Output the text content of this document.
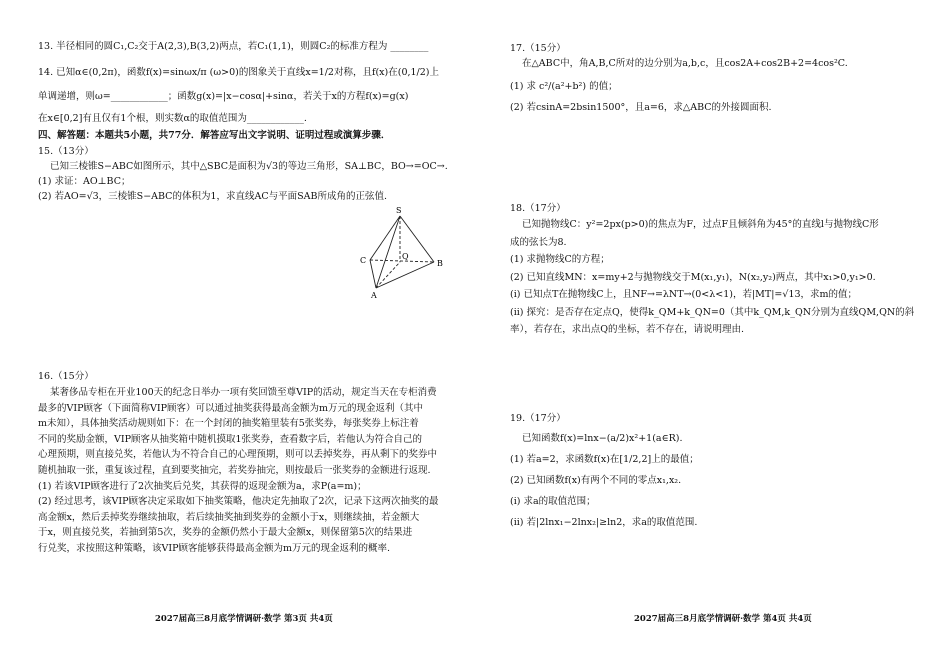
13. 半径相同的圆C₁,C₂交于A(2,3),B(3,2)两点，若C₁(1,1)，则圆C₂的标准方程为 ________
14. 已知α∈(0,2π)，函数f(x)=sinωx/π (ω>0)的图象关于直线x=1/2对称，且f(x)在(0,1/2)上
单调递增，则ω=____________；函数g(x)=|x−cosα|+sinα，若关于x的方程f(x)=g(x)
在x∈[0,2]有且仅有1个根，则实数α的取值范围为____________.
四、解答题：本题共5小题，共77分．解答应写出文字说明、证明过程或演算步骤．
15.（13分）
已知三棱锥S−ABC如图所示，其中△SBC是面积为√3的等边三角形，SA⊥BC，BO→=OC→.
(1) 求证：AO⊥BC；
(2) 若AO=√3，三棱锥S−ABC的体积为1，求直线AC与平面SAB所成角的正弦值.
S
C	Q
B
A
16.（15分）
某奢侈品专柜在开业100天的纪念日举办一项有奖回馈至尊VIP的活动，规定当天在专柜消费
最多的VIP顾客（下面简称VIP顾客）可以通过抽奖获得最高金额为m万元的现金返利（其中
m未知），具体抽奖活动规则如下：在一个封闭的抽奖箱里装有5张奖券，每张奖券上标注着
不同的奖励金额，VIP顾客从抽奖箱中随机摸取1张奖券，查看数字后，若他认为符合自己的
心理预期，则直接兑奖，若他认为不符合自己的心理预期，则可以丢掉奖券，再从剩下的奖券中
随机抽取一张，重复该过程，直到要奖抽完，若奖券抽完，则按最后一张奖券的金额进行返现.
(1) 若该VIP顾客进行了2次抽奖后兑奖，其获得的返现金额为a，求P(a=m)；
(2) 经过思考，该VIP顾客决定采取如下抽奖策略，他决定先抽取了2次，记录下这两次抽奖的最
高金额x，然后丢掉奖券继续抽取，若后续抽奖抽到奖券的金额小于x，则继续抽，若金额大
于x，则直接兑奖，若抽到第5次，奖券的金额仍然小于最大金额x，则保留第5次的结果进
行兑奖，求按照这种策略，该VIP顾客能够获得最高金额为m万元的现金返利的概率.
17.（15分）
在△ABC中，角A,B,C所对的边分别为a,b,c，且cos2A+cos2B+2=4cos²C.
(1) 求 c²/(a²+b²) 的值；
(2) 若csinA=2bsin1500°，且a=6，求△ABC的外接圆面积.
18.（17分）
已知抛物线C：y²=2px(p>0)的焦点为F，过点F且倾斜角为45°的直线l与抛物线C形
成的弦长为8.
(1) 求抛物线C的方程；
(2) 已知直线MN：x=my+2与抛物线交于M(x₁,y₁)，N(x₂,y₂)两点，其中x₁>0,y₁>0.
(i) 已知点T在抛物线C上，且NF→=λNT→(0<λ<1)，若|MT|=√13，求m的值；
(ii) 探究：是否存在定点Q，使得k_QM+k_QN=0（其中k_QM,k_QN分别为直线QM,QN的斜
率），若存在，求出点Q的坐标，若不存在，请说明理由.
19.（17分）
已知函数f(x)=lnx−(a/2)x²+1(a∈R).
(1) 若a=2，求函数f(x)在[1/2,2]上的最值；
(2) 已知函数f(x)有两个不同的零点x₁,x₂.
(i) 求a的取值范围；
(ii) 若|2lnx₁−2lnx₂|≥ln2，求a的取值范围.
2027届高三8月底学情调研·数学 第3页 共4页	2027届高三8月底学情调研·数学 第4页 共4页
